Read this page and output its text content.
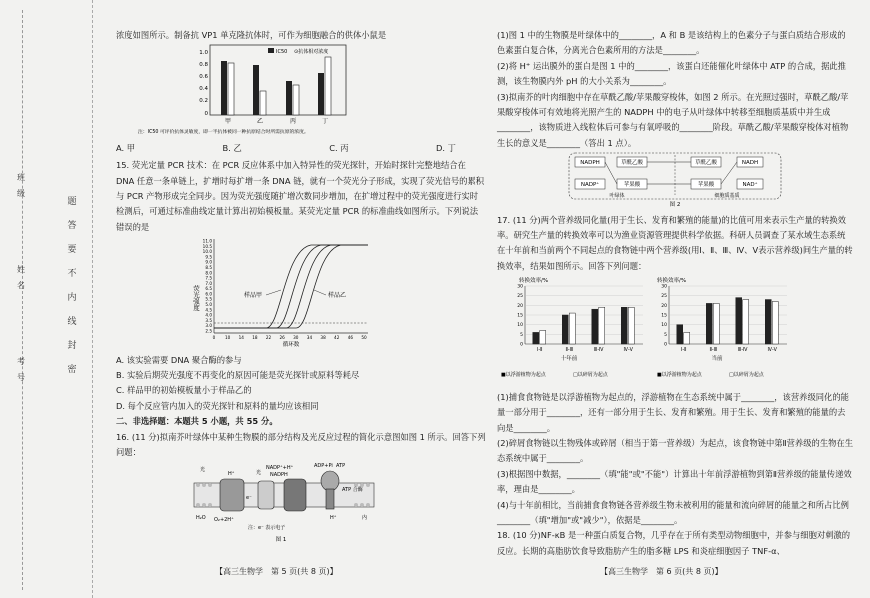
题
答
要
不
内
线
封
密
班级
姓名
考号

浓度如图所示。制备抗 VP1 单克隆抗体时，可作为细胞融合的供体小鼠是

IC50 ⊙抗体相对浓度
1.0
0.8
0.6
0.4
0.2
0
甲	乙	丙	丁
注：IC50 可评价抗体灵敏度，即一半抗体被同一种抗原结合时所需抗原的浓度。
A. 甲	B. 乙	C. 丙	D. 丁

15. 荧光定量 PCR 技术：在 PCR 反应体系中加入特异性的荧光探针，开始时探针完整地结合在 DNA 任意一条单链上，扩增时每扩增一条 DNA 链，就有一个荧光分子形成，实现了荧光信号的累积与 PCR 产物形成完全同步。因为荧光强度随扩增次数同步增加，在扩增过程中的荧光强度进行实时检测后，可通过标准曲线定量计算出初始模板量。某荧光定量 PCR 的标准曲线如图所示。下列说法错误的是

荧光强度
11.0
10.5
10.0
9.5
9.0
8.5
8.0
7.5
7.0
6.5
6.0
5.5
5.0
4.5
4.0
3.5
3.0
2.5
样品甲	样品乙
0 10 14 18 22 26 30 34 38 42 46 50
循环数

A. 该实验需要 DNA 聚合酶的参与

B. 实验后期荧光强度不再变化的原因可能是荧光探针或原料等耗尽

C. 样品甲的初始模板量小于样品乙的

D. 每个反应管内加入的荧光探针和原料的量均应该相同

二、非选择题：本题共 5 小题，共 55 分。

16. (11 分)拟南芥叶绿体中某种生物膜的部分结构及光反应过程的简化示意图如图 1 所示。回答下列问题：

光
H⁺
NADP⁺+H⁺
NADPH
ADP+Pi ATP
光
ATP 合酶
H₂O O₂+2H⁺
e⁻
H⁺	内
注：e⁻ 表示电子
图 1
【高三生物学　第 5 页(共 8 页)】

(1)图 1 中的生物膜是叶绿体中的________，A 和 B 是该结构上的色素分子与蛋白质结合形成的色素蛋白复合体，分离光合色素所用的方法是________。

(2)将 H⁺ 运出膜外的蛋白是图 1 中的________，该蛋白还能催化叶绿体中 ATP 的合成，据此推测，该生物膜内外 pH 的大小关系为________。

(3)拟南芥的叶肉细胞中存在草酰乙酸/苹果酸穿梭体，如图 2 所示。在光照过强时，草酰乙酸/苹果酸穿梭体可有效地将光照产生的 NADPH 中的电子从叶绿体中转移至细胞质基质中并生成________，该物质进入线粒体后可参与有氧呼吸的________阶段。草酰乙酸/苹果酸穿梭体对植物生长的意义是________（答出 1 点）。

NADPH
NADP⁺
草酰乙酸
苹果酸
草酰乙酸
苹果酸
NADH
NAD⁺
叶绿体	细胞质基质
图 2

17. (11 分)两个营养级同化量(用于生长、发育和繁殖的能量)的比值可用来表示生产量的转换效率。研究生产量的转换效率可以为渔业资源管理提供科学依据。科研人员调查了某水域生态系统在十年前和当前两个不同起点的食物链中两个营养级(用Ⅰ、Ⅱ、Ⅲ、Ⅳ、Ⅴ表示营养级)间生产量的转换效率，结果如图所示。回答下列问题：

转换效率/%	转换效率/%
30
25
20
15
10
5
0
Ⅰ-Ⅱ	Ⅱ-Ⅲ	Ⅲ-Ⅳ	Ⅳ-Ⅴ
30
25
20
15
10
5
0
Ⅰ-Ⅱ	Ⅱ-Ⅲ	Ⅲ-Ⅳ	Ⅳ-Ⅴ
十年前	当前
■以浮游植物为起点	□以碎屑为起点	■以浮游植物为起点	□以碎屑为起点

(1)捕食食物链是以浮游植物为起点的，浮游植物在生态系统中属于________，该营养级同化的能量一部分用于________，还有一部分用于生长、发育和繁殖。用于生长、发育和繁殖的能量的去向是________。

(2)碎屑食物链以生物残体或碎屑（相当于第一营养级）为起点，该食物链中第Ⅱ营养级的生物在生态系统中属于________。

(3)根据图中数据，________（填"能"或"不能"）计算出十年前浮游植物到第Ⅱ营养级的能量传递效率，理由是________。

(4)与十年前相比，当前捕食食物链各营养级生物未被利用的能量和流向碎屑的能量之和所占比例________（填"增加"或"减少"），依据是________。

18. (10 分)NF-κB 是一种蛋白质复合物，几乎存在于所有类型动物细胞中，并参与细胞对刺激的反应。长期的高脂肪饮食导致脂肪产生的脂多糖 LPS 和炎症细胞因子 TNF-α、

【高三生物学　第 6 页(共 8 页)】
